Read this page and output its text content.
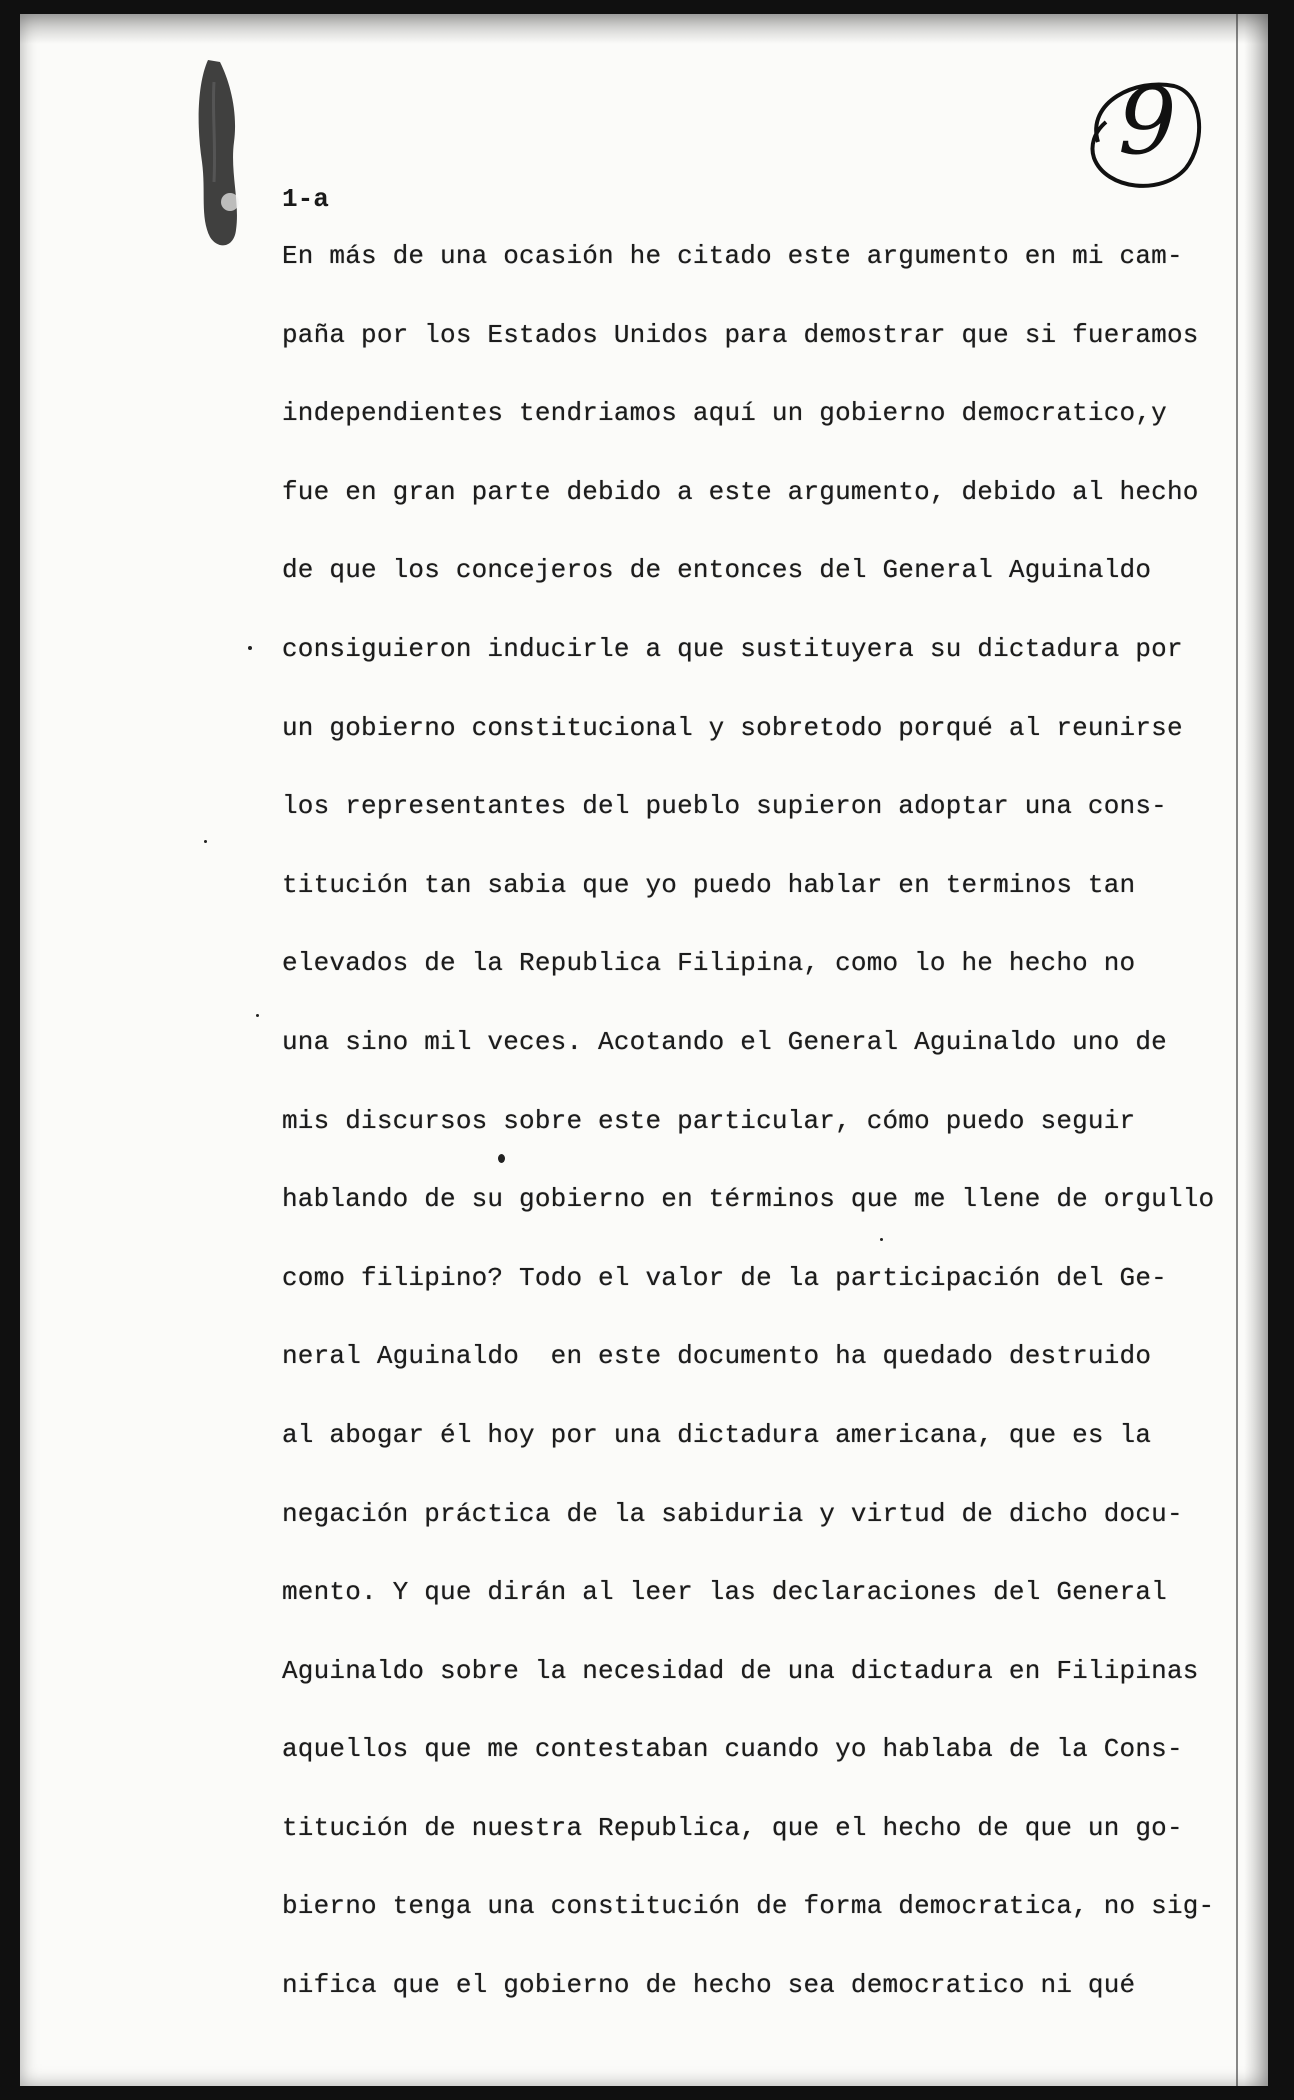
9
1-a
En más de una ocasión he citado este argumento en mi cam-
paña por los Estados Unidos para demostrar que si fueramos
independientes tendriamos aquí un gobierno democratico,y
fue en gran parte debido a este argumento, debido al hecho
de que los concejeros de entonces del General Aguinaldo
consiguieron inducirle a que sustituyera su dictadura por
un gobierno constitucional y sobretodo porqué al reunirse
los representantes del pueblo supieron adoptar una cons-
titución tan sabia que yo puedo hablar en terminos tan
elevados de la Republica Filipina, como lo he hecho no
una sino mil veces. Acotando el General Aguinaldo uno de
mis discursos sobre este particular, cómo puedo seguir
hablando de su gobierno en términos que me llene de orgullo
como filipino? Todo el valor de la participación del Ge-
neral Aguinaldo  en este documento ha quedado destruido
al abogar él hoy por una dictadura americana, que es la
negación práctica de la sabiduria y virtud de dicho docu-
mento. Y que dirán al leer las declaraciones del General
Aguinaldo sobre la necesidad de una dictadura en Filipinas
aquellos que me contestaban cuando yo hablaba de la Cons-
titución de nuestra Republica, que el hecho de que un go-
bierno tenga una constitución de forma democratica, no sig-
nifica que el gobierno de hecho sea democratico ni qué
